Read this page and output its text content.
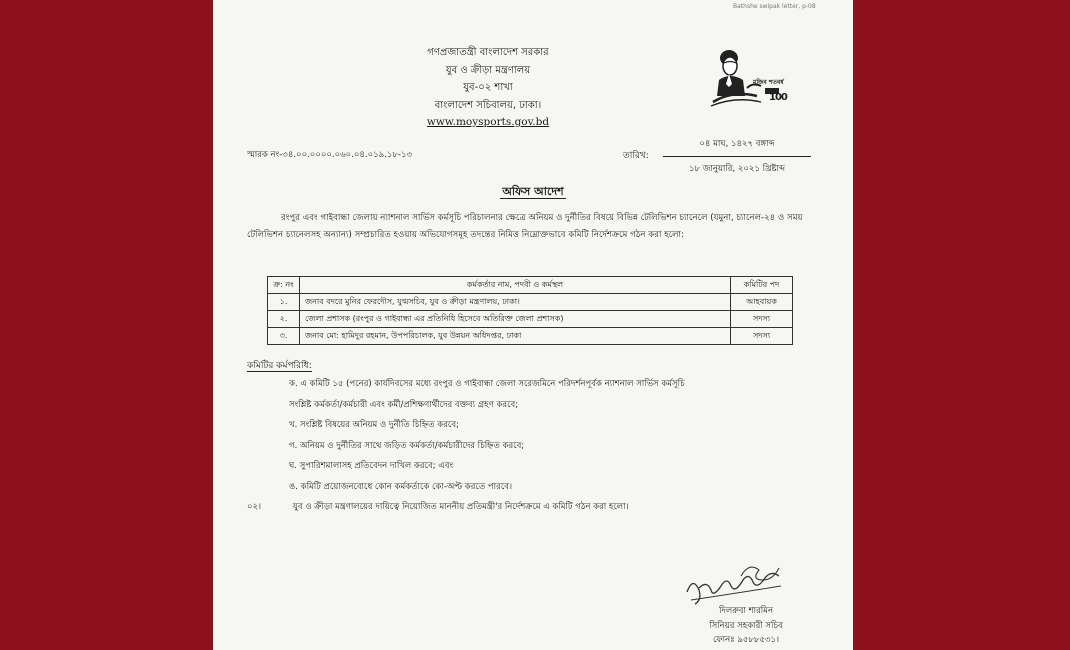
Bathshe swipak letter, p-08
গণপ্রজাতন্ত্রী বাংলাদেশ সরকার
যুব ও ক্রীড়া মন্ত্রণালয়
যুব-০২ শাখা
বাংলাদেশ সচিবালয়, ঢাকা।
www.moysports.gov.bd
মুজিব শতবর্ষ
100
স্মারক নং-৩৪.০০.০০০০.০৬০.০৪.০১৯.১৮-১৩	তারিখ:
০৪ মাঘ, ১৪২৭ বঙ্গাব্দ
১৮ জানুয়ারি, ২০২১ খ্রিষ্টাব্দ
অফিস আদেশ
রংপুর এবং গাইবান্ধা জেলায় ন্যাশনাল সার্ভিস কর্মসূচি পরিচালনার ক্ষেত্রে অনিয়ম ও দুর্নীতির বিষয়ে বিভিন্ন টেলিভিশন চ্যানেলে (যমুনা, চ্যানেল-২৪ ও সময় টেলিভিশন চ্যানেলসহ অন্যান্য) সম্প্রচারিত হওয়ায় অভিযোগসমূহ তদন্তের নিমিত্ত নিম্নোক্তভাবে কমিটি নির্দেশক্রমে গঠন করা হলো:
ক্র: নং	কর্মকর্তার নাম, পদবী ও কর্মস্থল	কমিটির পদ
১.	জনাব বদরে মুনির ফেরদৌস, যুগ্মসচিব, যুব ও ক্রীড়া মন্ত্রণালয়, ঢাকা।	আহবায়ক
২.	জেলা প্রশাসক (রংপুর ও গাইবান্ধা এর প্রতিনিধি হিসেবে অতিরিক্ত জেলা প্রশাসক)	সদস্য
৩.	জনাব মো: হামিদুর রহমান, উপপরিচালক, যুব উন্নয়ন অধিদপ্তর, ঢাকা	সদস্য
কমিটির কর্মপরিধি:
ক. এ কমিটি ১৫ (পনের) কার্যদিবসের মধ্যে রংপুর ও গাইবান্ধা জেলা সরেজমিনে পরিদর্শনপূর্বক ন্যাশনাল সার্ভিস কর্মসূচি
সংশ্লিষ্ট কর্মকর্তা/কর্মচারী এবং কর্মী/প্রশিক্ষণার্থীদের বক্তব্য গ্রহণ করবে;
খ. সংশ্লিষ্ট বিষয়ের অনিয়ম ও দুর্নীতি চিহ্নিত করবে;
গ. অনিয়ম ও দুর্নীতির সাথে জড়িত কর্মকর্তা/কর্মচারীদের চিহ্নিত করবে;
ঘ. সুপারিশমালাসহ প্রতিবেদন দাখিল করবে; এবং
ঙ. কমিটি প্রয়োজনবোধে কোন কর্মকর্তাকে কো-অপ্ট করতে পারবে।
০২।	যুব ও ক্রীড়া মন্ত্রণালয়ের দায়িত্বে নিয়োজিত মাননীয় প্রতিমন্ত্রী'র নির্দেশক্রমে এ কমিটি গঠন করা হলো।
দিলরুবা শারমিন
সিনিয়র সহকারী সচিব
ফোনঃ ৯৫৮৮৫৩১।
